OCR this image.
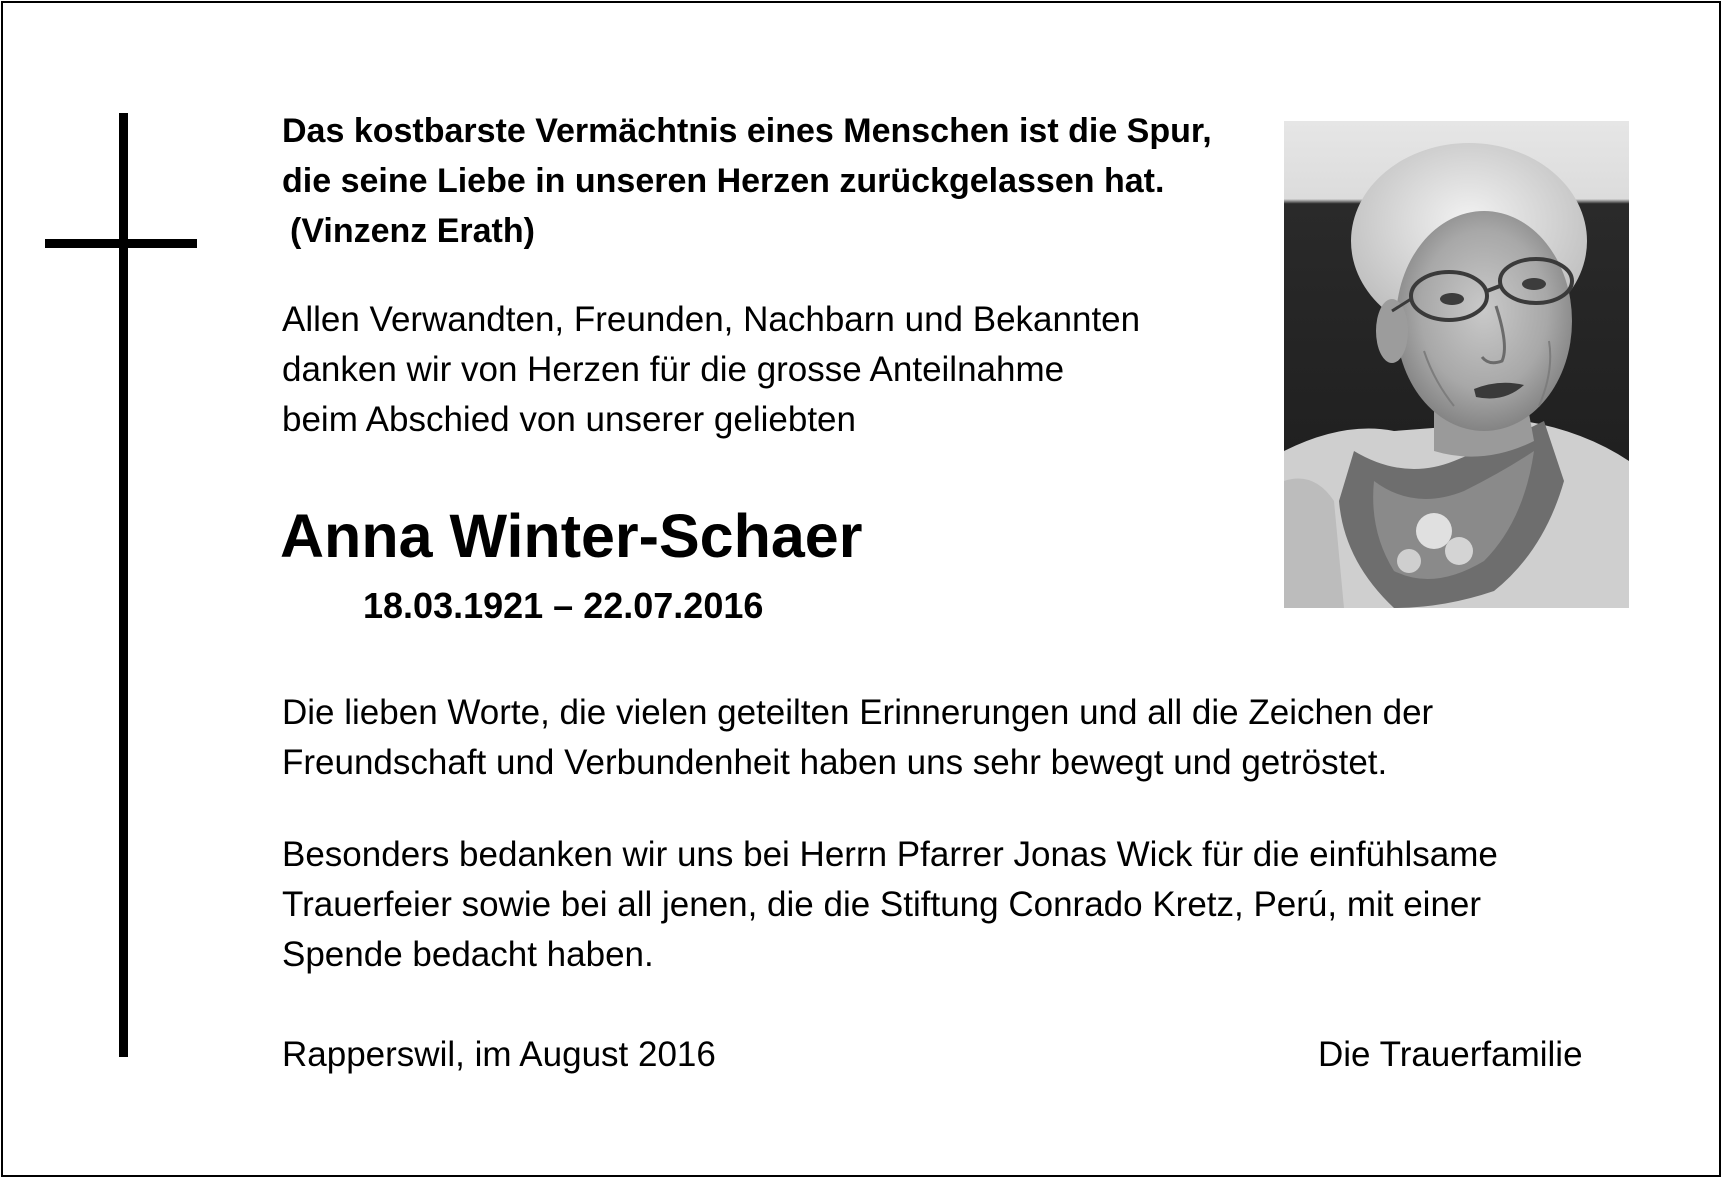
Das kostbarste Vermächtnis eines Menschen ist die Spur,
die seine Liebe in unseren Herzen zurückgelassen hat.
(Vinzenz Erath)
Allen Verwandten, Freunden, Nachbarn und Bekannten
danken wir von Herzen für die grosse Anteilnahme
beim Abschied von unserer geliebten
Anna Winter-Schaer
18.03.1921 – 22.07.2016
Die lieben Worte, die vielen geteilten Erinnerungen und all die Zeichen der
Freundschaft und Verbundenheit haben uns sehr bewegt und getröstet.
Besonders bedanken wir uns bei Herrn Pfarrer Jonas Wick für die einfühlsame
Trauerfeier sowie bei all jenen, die die Stiftung Conrado Kretz, Perú, mit einer
Spende bedacht haben.
Rapperswil, im August 2016	Die Trauerfamilie
